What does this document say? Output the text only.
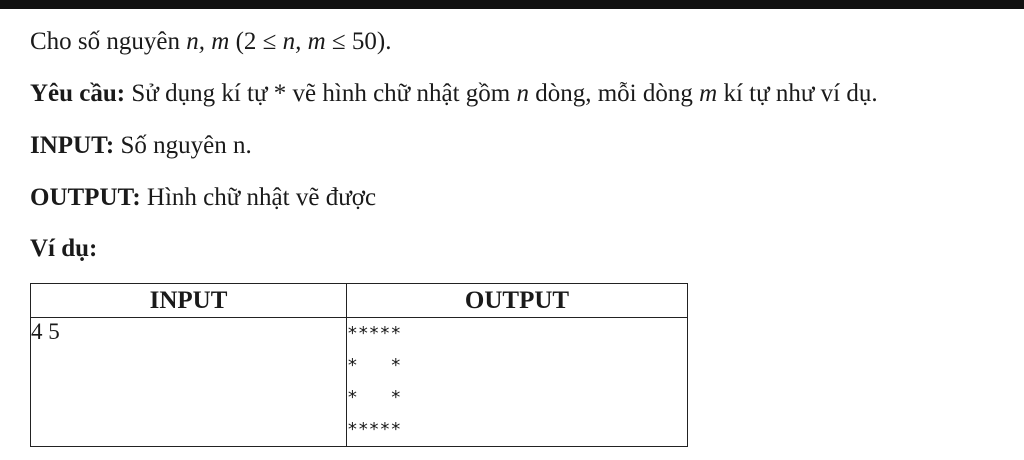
Cho số nguyên n, m (2 ≤ n, m ≤ 50).
Yêu cầu: Sử dụng kí tự * vẽ hình chữ nhật gồm n dòng, mỗi dòng m kí tự như ví dụ.
INPUT: Số nguyên n.
OUTPUT: Hình chữ nhật vẽ được
Ví dụ:
INPUT	OUTPUT
4 5	*****
*   *
*   *
*****
